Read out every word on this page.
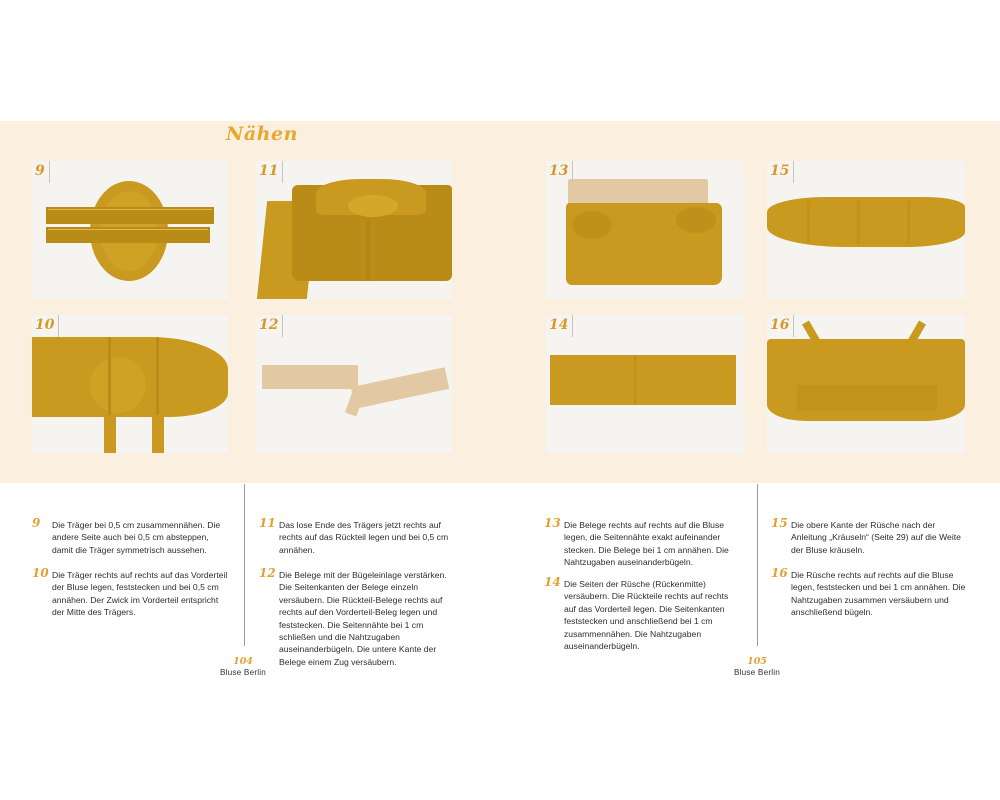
Nähen
9	11
10	12
13	15
14	16
9	Die Träger bei 0,5 cm zusammennähen. Die andere Seite auch bei 0,5 cm absteppen, damit die Träger symmetrisch aussehen.
10 Die Träger rechts auf rechts auf das Vorderteil der Bluse legen, feststecken und bei 0,5 cm annähen. Der Zwick im Vorderteil entspricht der Mitte des Trägers.
11 Das lose Ende des Trägers jetzt rechts auf rechts auf das Rückteil legen und bei 0,5 cm annähen.
12 Die Belege mit der Bügeleinlage verstärken. Die Seitenkanten der Belege einzeln versäubern. Die Rückteil-Belege rechts auf rechts auf den Vorderteil-Beleg legen und feststecken. Die Seitennähte bei 1 cm schließen und die Nahtzugaben auseinanderbügeln. Die untere Kante der Belege einem Zug versäubern.
13 Die Belege rechts auf rechts auf die Bluse legen, die Seitennähte exakt aufeinander stecken. Die Belege bei 1 cm annähen. Die Nahtzugaben auseinanderbügeln.
14 Die Seiten der Rüsche (Rückenmitte) versäubern. Die Rückteile rechts auf rechts auf das Vorderteil legen. Die Seitenkanten feststecken und anschließend bei 1 cm zusammennähen. Die Nahtzugaben auseinanderbügeln.
15 Die obere Kante der Rüsche nach der Anleitung „Kräuseln“ (Seite 29) auf die Weite der Bluse kräuseln.
16 Die Rüsche rechts auf rechts auf die Bluse legen, feststecken und bei 1 cm annähen. Die Nahtzugaben zusammen versäubern und anschließend bügeln.
104
Bluse Berlin
105
Bluse Berlin
